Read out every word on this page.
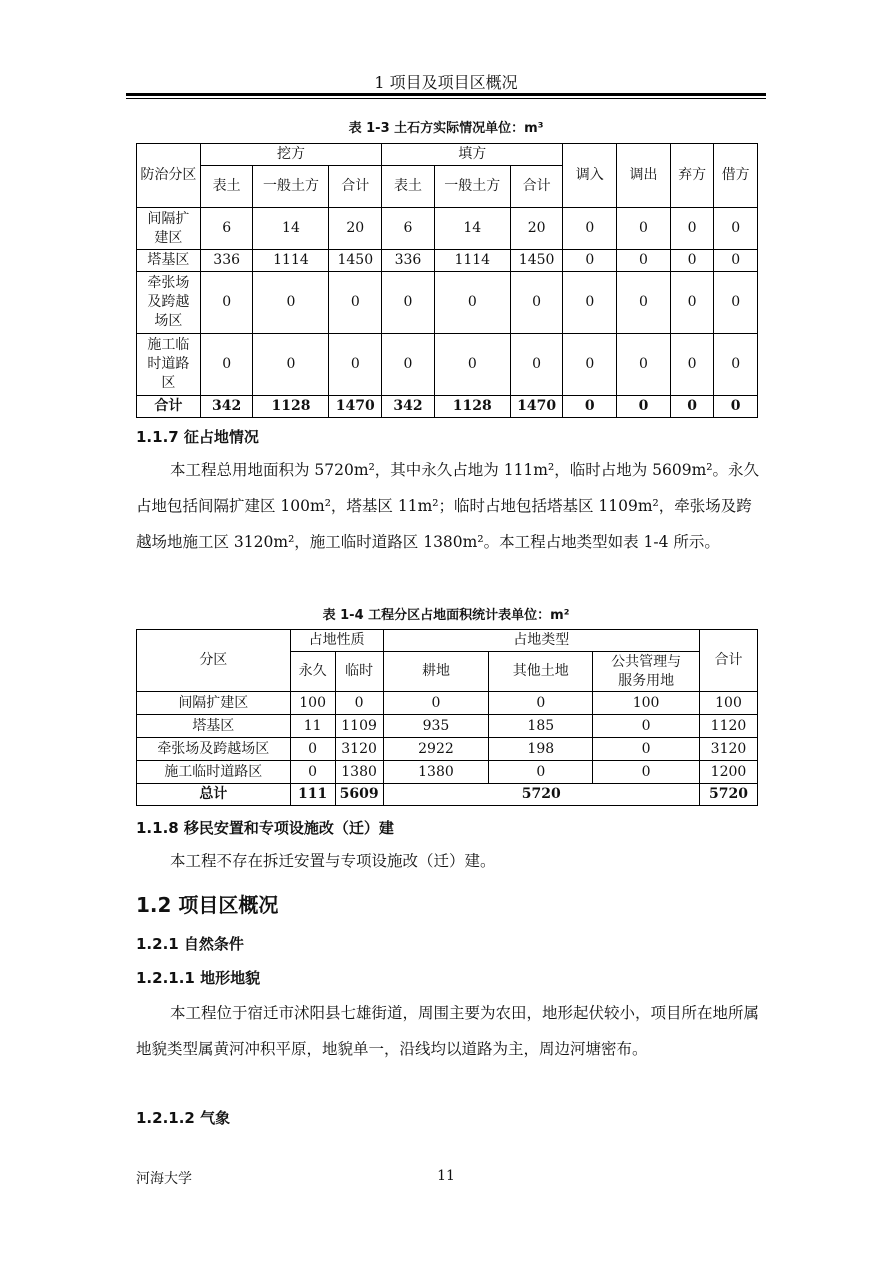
1 项目及项目区概况
表 1-3 土石方实际情况单位：m³
防治分区	挖方			填方			调入	调出	弃方	借方
	表土	一般土方	合计	表土	一般土方	合计				
间隔扩建区	6	14	20	6	14	20	0	0	0	0
塔基区	336	1114	1450	336	1114	1450	0	0	0	0
牵张场及跨越场区	0	0	0	0	0	0	0	0	0	0
施工临时道路区	0	0	0	0	0	0	0	0	0	0
合计	342	1128	1470	342	1128	1470	0	0	0	0
1.1.7 征占地情况
本工程总用地面积为 5720m²，其中永久占地为 111m²，临时占地为 5609m²。永久占地包括间隔扩建区 100m²，塔基区 11m²；临时占地包括塔基区 1109m²，牵张场及跨越场地施工区 3120m²，施工临时道路区 1380m²。本工程占地类型如表 1-4 所示。
表 1-4 工程分区占地面积统计表单位：m²
分区	占地性质		占地类型			合计
	永久	临时	耕地	其他土地	公共管理与服务用地	
间隔扩建区	100	0	0	0	100	100
塔基区	11	1109	935	185	0	1120
牵张场及跨越场区	0	3120	2922	198	0	3120
施工临时道路区	0	1380	1380	0	0	1200
总计	111	5609	5720			5720
1.1.8 移民安置和专项设施改（迁）建
本工程不存在拆迁安置与专项设施改（迁）建。
1.2 项目区概况
1.2.1 自然条件
1.2.1.1 地形地貌
本工程位于宿迁市沭阳县七雄街道，周围主要为农田，地形起伏较小，项目所在地所属地貌类型属黄河冲积平原，地貌单一，沿线均以道路为主，周边河塘密布。
1.2.1.2 气象
河海大学	11
